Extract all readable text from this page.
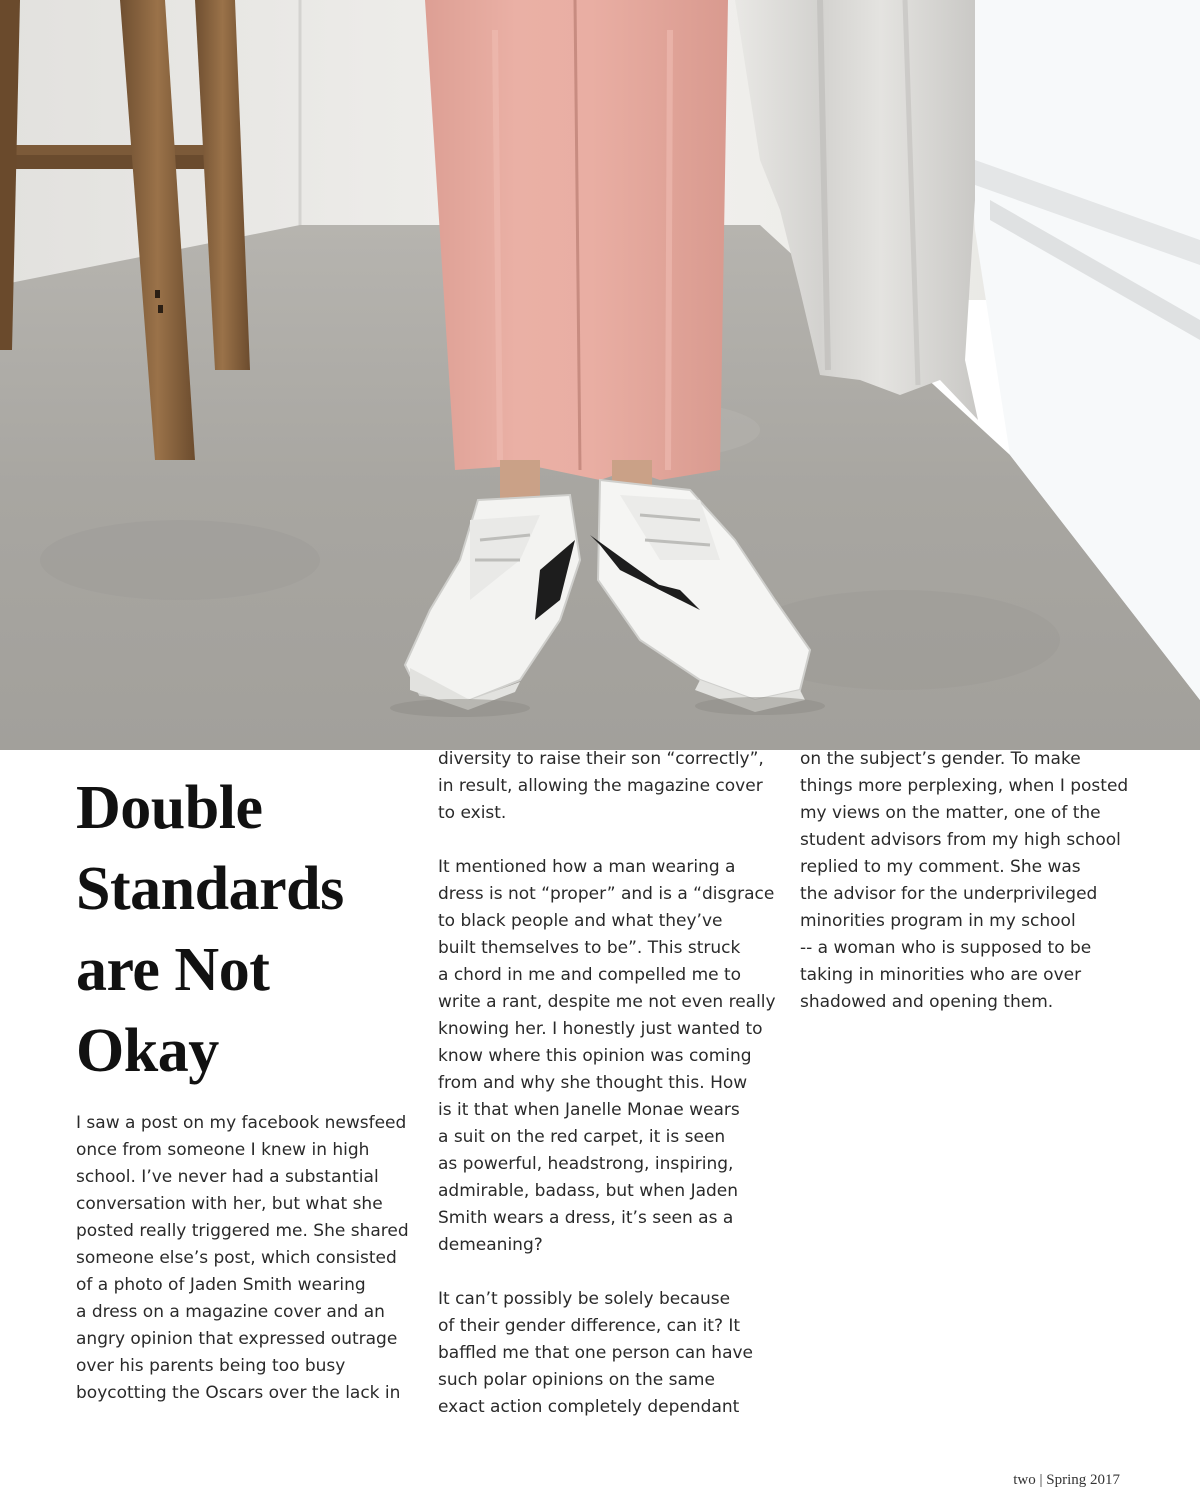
Double
Standards
are Not
Okay

I saw a post on my facebook newsfeed
once from someone I knew in high
school. I’ve never had a substantial
conversation with her, but what she
posted really triggered me. She shared
someone else’s post, which consisted
of a photo of Jaden Smith wearing
a dress on a magazine cover and an
angry opinion that expressed outrage
over his parents being too busy
boycotting the Oscars over the lack in

diversity to raise their son “correctly”,
in result, allowing the magazine cover
to exist.

It mentioned how a man wearing a
dress is not “proper” and is a “disgrace
to black people and what they’ve
built themselves to be”. This struck
a chord in me and compelled me to
write a rant, despite me not even really
knowing her. I honestly just wanted to
know where this opinion was coming
from and why she thought this. How
is it that when Janelle Monae wears
a suit on the red carpet, it is seen
as powerful, headstrong, inspiring,
admirable, badass, but when Jaden
Smith wears a dress, it’s seen as a
demeaning?

It can’t possibly be solely because
of their gender difference, can it? It
baffled me that one person can have
such polar opinions on the same
exact action completely dependant

on the subject’s gender. To make
things more perplexing, when I posted
my views on the matter, one of the
student advisors from my high school
replied to my comment. She was
the advisor for the underprivileged
minorities program in my school
-- a woman who is supposed to be
taking in minorities who are over
shadowed and opening them.

two | Spring 2017
